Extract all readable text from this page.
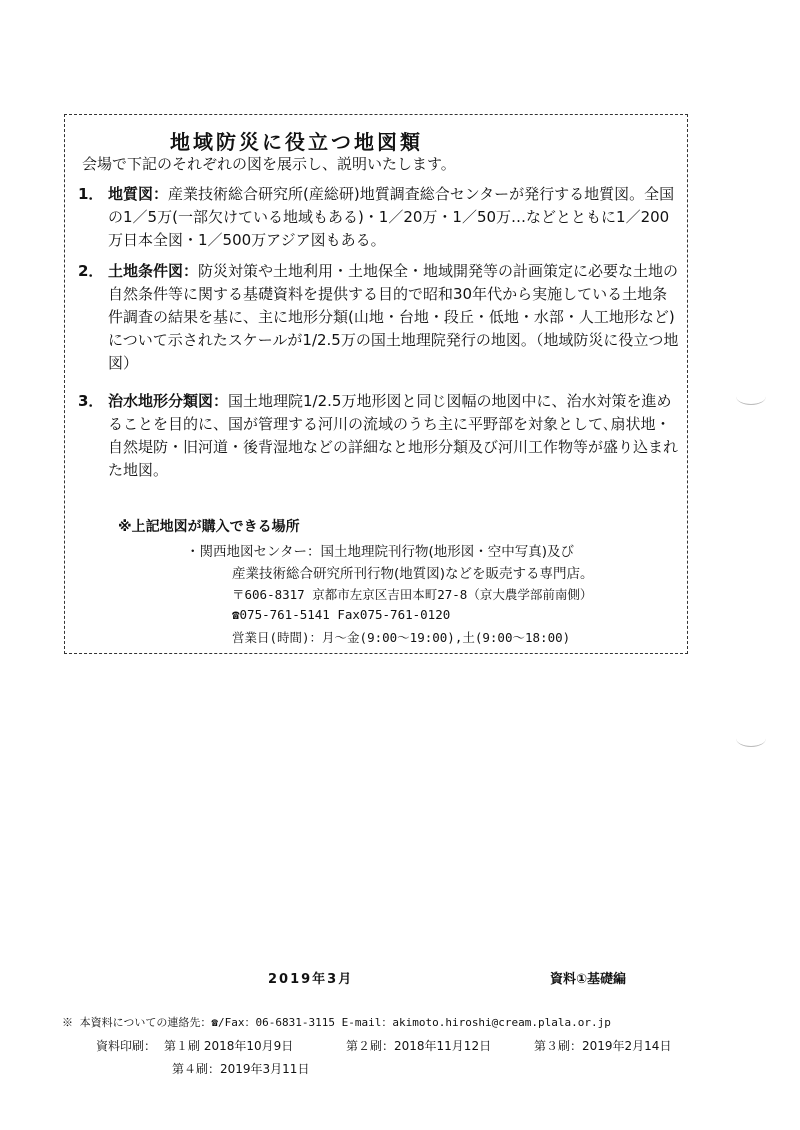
地域防災に役立つ地図類
会場で下記のそれぞれの図を展示し、説明いたします。
1． 地質図：産業技術総合研究所(産総研)地質調査総合センターが発行する地質図。全国の1／5万(一部欠けている地域もある)・1／20万・1／50万…などとともに1／200万日本全図・1／500万アジア図もある。
2． 土地条件図：防災対策や土地利用・土地保全・地域開発等の計画策定に必要な土地の自然条件等に関する基礎資料を提供する目的で昭和30年代から実施している土地条件調査の結果を基に、主に地形分類(山地・台地・段丘・低地・水部・人工地形など)について示されたスケールが1/2.5万の国土地理院発行の地図。（地域防災に役立つ地図）
3． 治水地形分類図：国土地理院1/2.5万地形図と同じ図幅の地図中に、治水対策を進めることを目的に、国が管理する河川の流域のうち主に平野部を対象として､扇状地・自然堤防・旧河道・後背湿地などの詳細なと地形分類及び河川工作物等が盛り込まれた地図。
※上記地図が購入できる場所
・関西地図センター：国土地理院刊行物(地形図・空中写真)及び
産業技術総合研究所刊行物(地質図)などを販売する専門店。
〒606-8317 京都市左京区吉田本町27-8（京大農学部前南側）
☎075-761-5141 Fax075-761-0120
営業日(時間)：月～金(9:00～19:00),土(9:00～18:00)
2019年3月	資料①基礎編
※ 本資料についての連絡先：☎/Fax：06-6831-3115 E-mail：akimoto.hiroshi@cream.plala.or.jp
資料印刷： 第１刷 2018年10月9日	第２刷：2018年11月12日	第３刷：2019年2月14日
第４刷：2019年3月11日
